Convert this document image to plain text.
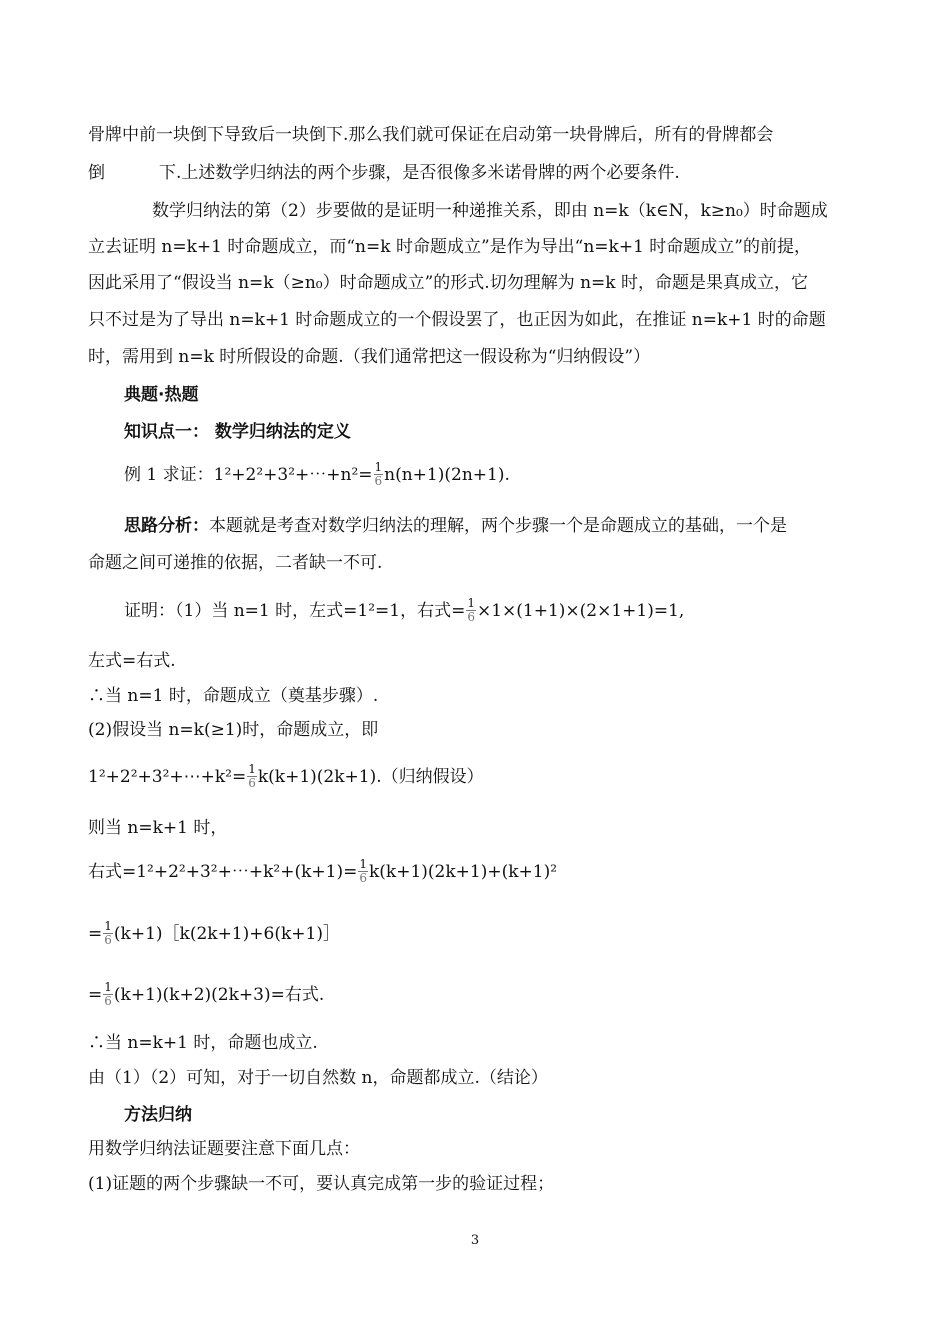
骨牌中前一块倒下导致后一块倒下.那么我们就可保证在启动第一块骨牌后，所有的骨牌都会
倒	下.上述数学归纳法的两个步骤，是否很像多米诺骨牌的两个必要条件.
数学归纳法的第（2）步要做的是证明一种递推关系，即由 n=k（k∈N，k≥n₀）时命题成
立去证明 n=k+1 时命题成立，而“n=k 时命题成立”是作为导出“n=k+1 时命题成立”的前提，
因此采用了“假设当 n=k（≥n₀）时命题成立”的形式.切勿理解为 n=k 时，命题是果真成立，它
只不过是为了导出 n=k+1 时命题成立的一个假设罢了，也正因为如此，在推证 n=k+1 时的命题
时，需用到 n=k 时所假设的命题.（我们通常把这一假设称为“归纳假设”）
典题·热题
知识点一： 数学归纳法的定义
例 1 求证：1²+2²+3²+⋯+n²= $\frac{1}{6} n(n+1)(2n+1)$.
思路分析：本题就是考查对数学归纳法的理解，两个步骤一个是命题成立的基础，一个是
命题之间可递推的依据，二者缺一不可.
证明：（1）当 n=1 时，左式=1²=1，右式= $\frac{1}{6} \times 1\times(1+1)\times(2\times 1+1)=1$,
左式=右式.
∴当 n=1 时，命题成立（奠基步骤）.
(2)假设当 n=k(≥1)时，命题成立，即
1²+2²+3²+⋯+k²= $\frac{1}{6} k(k+1)(2k+1)$.（归纳假设）
则当 n=k+1 时，
右式=1²+2²+3²+⋯+k²+(k+1)= $\frac{1}{6} k(k+1)(2k+1)+(k+1)^2$
= $\frac{1}{6}$ (k+1)［k(2k+1)+6(k+1)］
= $\frac{1}{6} (k+1)(k+2)(2k+3)=$右式.
∴当 n=k+1 时，命题也成立.
由（1）（2）可知，对于一切自然数 n，命题都成立.（结论）
方法归纳
用数学归纳法证题要注意下面几点：
(1)证题的两个步骤缺一不可，要认真完成第一步的验证过程；
3
